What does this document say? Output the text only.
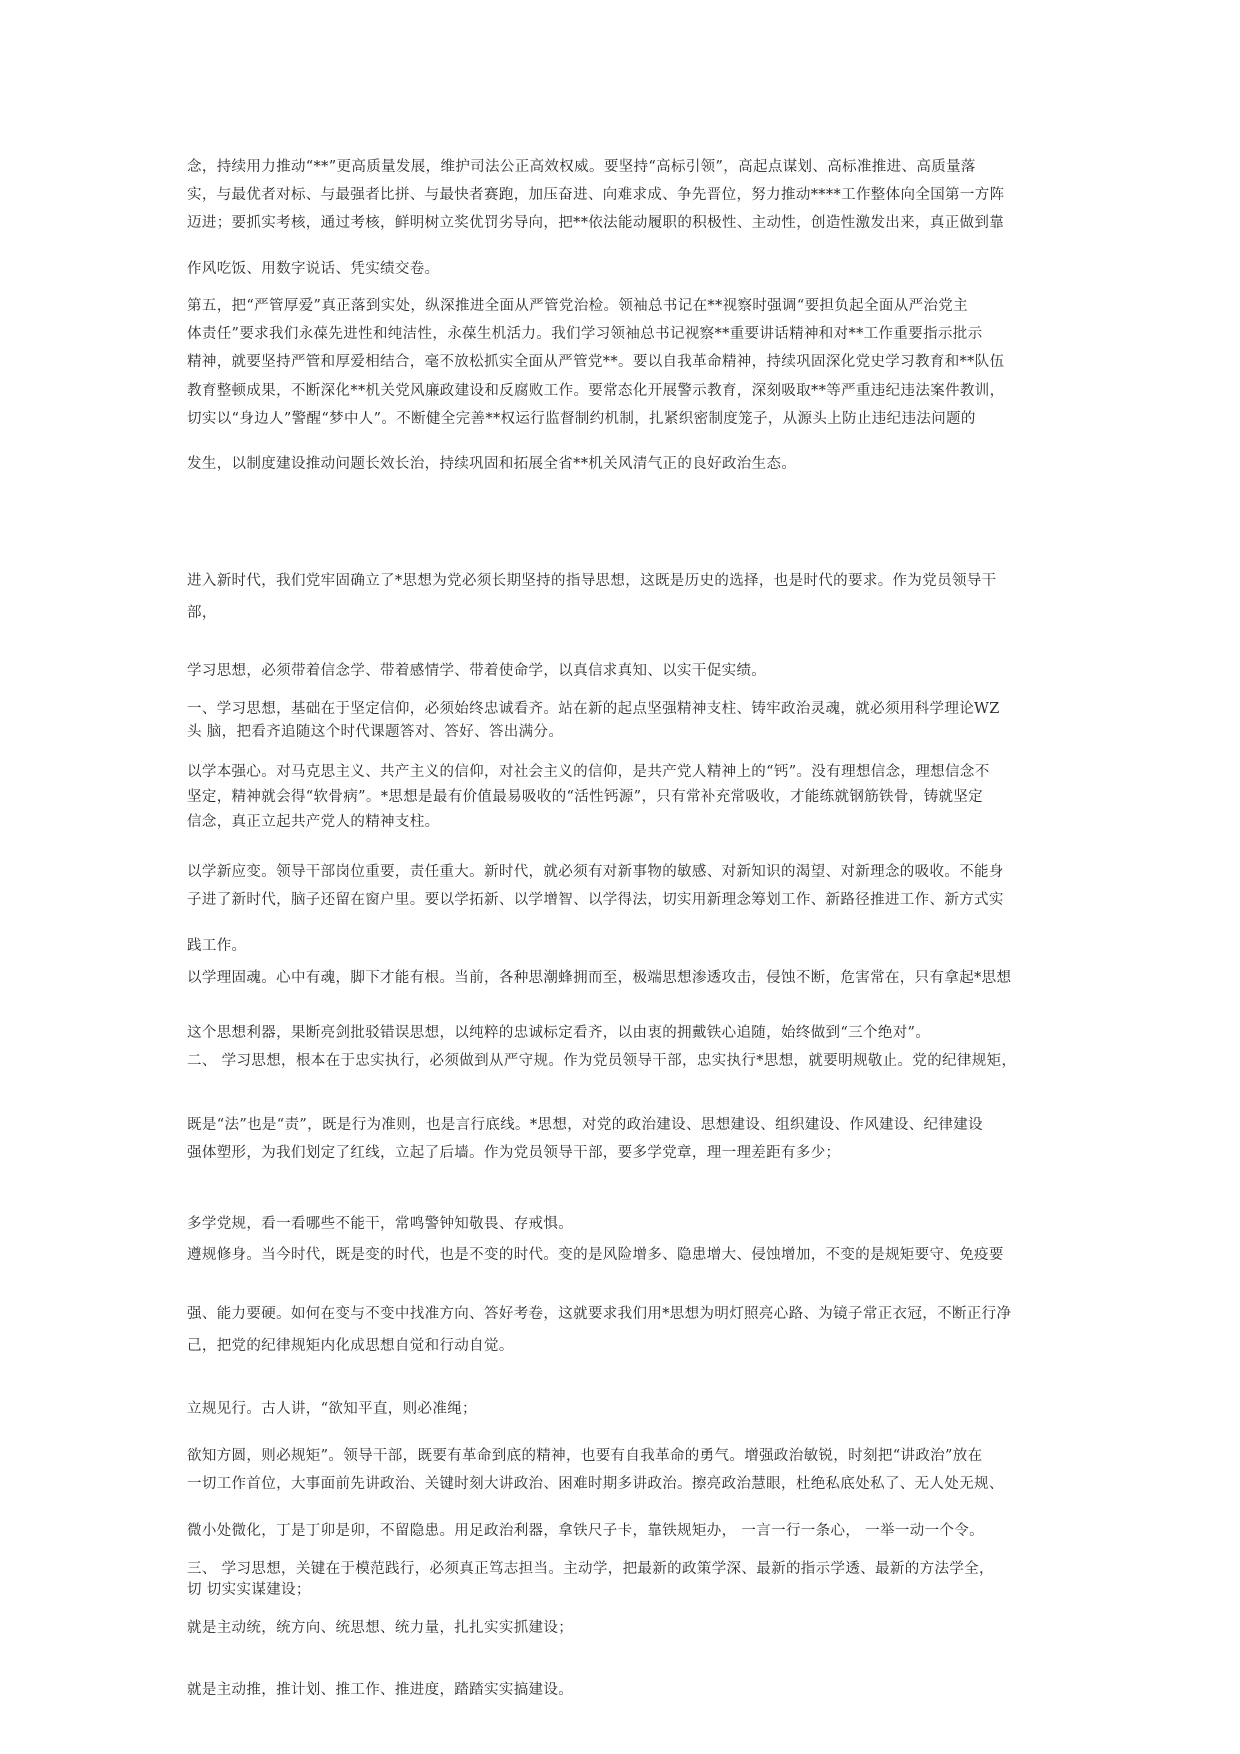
念，持续用力推动“**”更高质量发展，维护司法公正高效权威。要坚持“高标引领”，高起点谋划、高标准推进、高质量落
实，与最优者对标、与最强者比拼、与最快者赛跑，加压奋进、向难求成、争先晋位，努力推动****工作整体向全国第一方阵
迈进；要抓实考核，通过考核，鲜明树立奖优罚劣导向，把**依法能动履职的积极性、主动性，创造性激发出来，真正做到靠
作风吃饭、用数字说话、凭实绩交卷。
第五，把“严管厚爱”真正落到实处，纵深推进全面从严管党治检。领袖总书记在**视察时强调“要担负起全面从严治党主
体责任”要求我们永葆先进性和纯洁性，永葆生机活力。我们学习领袖总书记视察**重要讲话精神和对**工作重要指示批示
精神，就要坚持严管和厚爱相结合，毫不放松抓实全面从严管党**。要以自我革命精神，持续巩固深化党史学习教育和**队伍
教育整顿成果，不断深化**机关党风廉政建设和反腐败工作。要常态化开展警示教育，深刻吸取**等严重违纪违法案件教训，
切实以“身边人”警醒“梦中人”。不断健全完善**权运行监督制约机制，扎紧织密制度笼子，从源头上防止违纪违法问题的
发生，以制度建设推动问题长效长治，持续巩固和拓展全省**机关风清气正的良好政治生态。
进入新时代，我们党牢固确立了*思想为党必须长期坚持的指导思想，这既是历史的选择，也是时代的要求。作为党员领导干
部，
学习思想，必须带着信念学、带着感情学、带着使命学，以真信求真知、以实干促实绩。
一、学习思想，基础在于坚定信仰，必须始终忠诚看齐。站在新的起点坚强精神支柱、铸牢政治灵魂，就必须用科学理论WZ
头 脑，把看齐追随这个时代课题答对、答好、答出满分。
以学本强心。对马克思主义、共产主义的信仰，对社会主义的信仰，是共产党人精神上的“钙”。没有理想信念，理想信念不
坚定，精神就会得“软骨病”。*思想是最有价值最易吸收的“活性钙源”，只有常补充常吸收，才能练就钢筋铁骨，铸就坚定
信念，真正立起共产党人的精神支柱。
以学新应变。领导干部岗位重要，责任重大。新时代，就必须有对新事物的敏感、对新知识的渴望、对新理念的吸收。不能身
子进了新时代，脑子还留在窗户里。要以学拓新、以学增智、以学得法，切实用新理念筹划工作、新路径推进工作、新方式实
践工作。
以学理固魂。心中有魂，脚下才能有根。当前，各种思潮蜂拥而至，极端思想渗透攻击，侵蚀不断，危害常在，只有拿起*思想
这个思想利器，果断亮剑批驳错误思想，以纯粹的忠诚标定看齐，以由衷的拥戴铁心追随，始终做到“三个绝对”。
二、 学习思想，根本在于忠实执行，必须做到从严守规。作为党员领导干部，忠实执行*思想，就要明规敬止。党的纪律规矩，
既是“法”也是“责”，既是行为准则，也是言行底线。*思想，对党的政治建设、思想建设、组织建设、作风建设、纪律建设
强体塑形，为我们划定了红线，立起了后墙。作为党员领导干部，要多学党章，理一理差距有多少；
多学党规，看一看哪些不能干，常鸣警钟知敬畏、存戒惧。
遵规修身。当今时代，既是变的时代，也是不变的时代。变的是风险增多、隐患增大、侵蚀增加，不变的是规矩要守、免疫要
强、能力要硬。如何在变与不变中找准方向、答好考卷，这就要求我们用*思想为明灯照亮心路、为镜子常正衣冠，不断正行净
己，把党的纪律规矩内化成思想自觉和行动自觉。
立规见行。古人讲，“欲知平直，则必准绳；
欲知方圆，则必规矩”。领导干部，既要有革命到底的精神，也要有自我革命的勇气。增强政治敏锐，时刻把“讲政治”放在
一切工作首位，大事面前先讲政治、关键时刻大讲政治、困难时期多讲政治。擦亮政治慧眼，杜绝私底处私了、无人处无规、
微小处微化，丁是丁卯是卯，不留隐患。用足政治利器，拿铁尺子卡，靠铁规矩办， 一言一行一条心， 一举一动一个令。
三、 学习思想，关键在于模范践行，必须真正笃志担当。主动学，把最新的政策学深、最新的指示学透、最新的方法学全，
切 切实实谋建设；
就是主动统，统方向、统思想、统力量，扎扎实实抓建设；
就是主动推，推计划、推工作、推进度，踏踏实实搞建设。
